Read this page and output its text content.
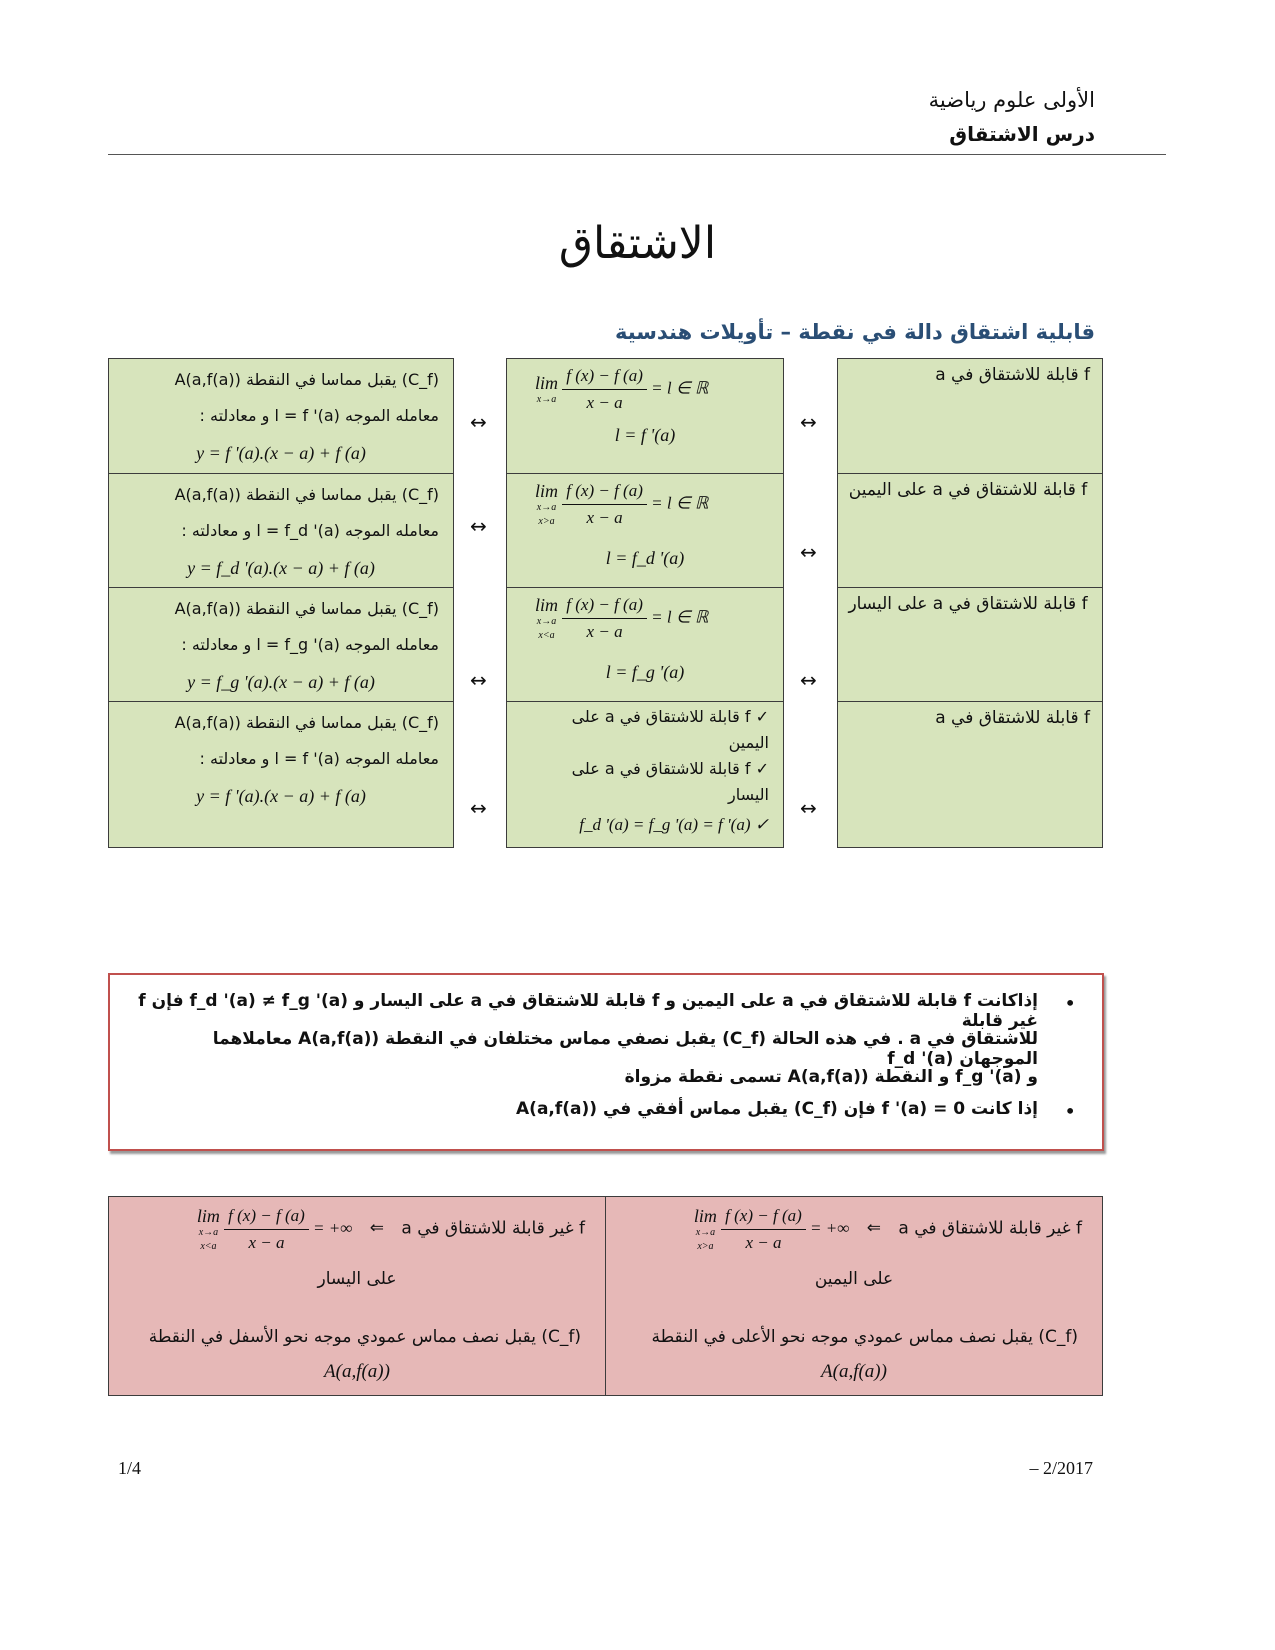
الأولى علوم رياضية
درس الاشتقاق
الاشتقاق
قابلية اشتقاق دالة في نقطة – تأويلات هندسية
f قابلة للاشتقاق في a
f قابلة للاشتقاق في a على اليمين
f قابلة للاشتقاق في a على اليسار
f قابلة للاشتقاق في a
↔
↔
↔
↔
lim
x→a
$\frac{f (x) - f (a)}{x - a} = l$ ∈ ℝ
l = f '(a)
lim
x→a
x>a
$\frac{f (x) - f (a)}{x - a} = l$ ∈ ℝ
l = f_d '(a)
lim
x→a
x<a
$\frac{f (x) - f (a)}{x - a} = l$ ∈ ℝ
l = f_g '(a)
✓ f قابلة للاشتقاق في a على اليمين
✓ f قابلة للاشتقاق في a على اليسار
✓ f_d '(a) = f_g '(a) = f '(a)
↔
↔
↔
↔
(C_f) يقبل مماسا في النقطة A(a,f(a))
معامله الموجه l = f '(a) و معادلته :
y = f '(a).(x − a) + f (a)
(C_f) يقبل مماسا في النقطة A(a,f(a))
معامله الموجه l = f_d '(a) و معادلته :
y = f_d '(a).(x − a) + f (a)
(C_f) يقبل مماسا في النقطة A(a,f(a))
معامله الموجه l = f_g '(a) و معادلته :
y = f_g '(a).(x − a) + f (a)
(C_f) يقبل مماسا في النقطة A(a,f(a))
معامله الموجه l = f '(a) و معادلته :
y = f '(a).(x − a) + f (a)
•
إذاكانت f قابلة للاشتقاق في a على اليمين و f قابلة للاشتقاق في a على اليسار و f_d '(a) ≠ f_g '(a) فإن f غير قابلة
للاشتقاق في a . في هذه الحالة (C_f) يقبل نصفي مماس مختلفان في النقطة A(a,f(a)) معاملاهما الموجهان f_d '(a)
و f_g '(a) و النقطة A(a,f(a)) تسمى نقطة مزواة
•
إذا كانت f '(a) = 0 فإن (C_f) يقبل مماس أفقي في A(a,f(a))
f غير قابلة للاشتقاق في a ⇐
lim
x→a
x>a
$\frac{f (x) - f (a)}{x - a}$ = +∞
على اليمين
(C_f) يقبل نصف مماس عمودي موجه نحو الأعلى في النقطة
A(a,f(a))
f غير قابلة للاشتقاق في a ⇐
lim
x→a
x<a
$\frac{f (x) - f (a)}{x - a}$ = +∞
على اليسار
(C_f) يقبل نصف مماس عمودي موجه نحو الأسفل في النقطة
A(a,f(a))
1/4	– 2/2017
